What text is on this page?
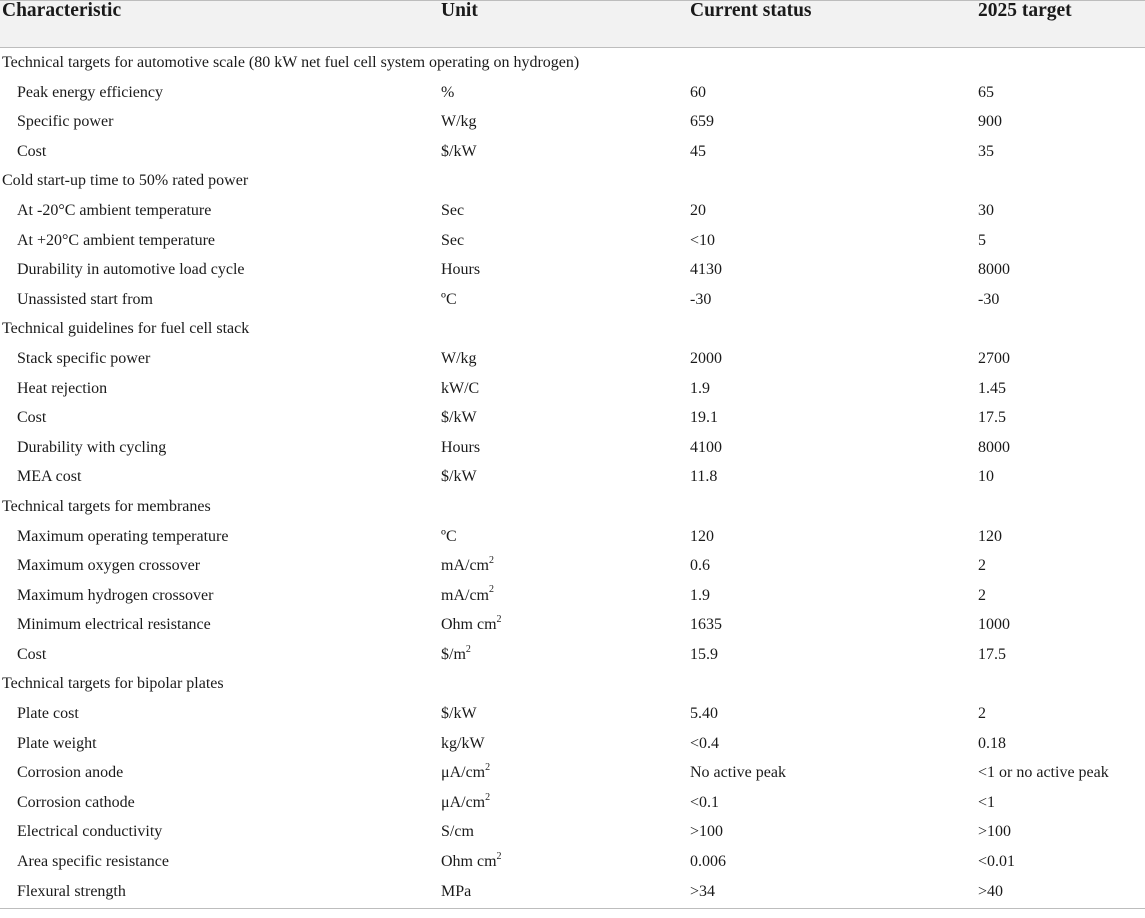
Characteristic	Unit	Current status	2025 target
Technical targets for automotive scale (80 kW net fuel cell system operating on hydrogen)
Peak energy efficiency	%	60	65
Specific power	W/kg	659	900
Cost	$/kW	45	35
Cold start-up time to 50% rated power
At -20°C ambient temperature	Sec	20	30
At +20°C ambient temperature	Sec	<10	5
Durability in automotive load cycle	Hours	4130	8000
Unassisted start from	ºC	-30	-30
Technical guidelines for fuel cell stack
Stack specific power	W/kg	2000	2700
Heat rejection	kW/C	1.9	1.45
Cost	$/kW	19.1	17.5
Durability with cycling	Hours	4100	8000
MEA cost	$/kW	11.8	10
Technical targets for membranes
Maximum operating temperature	ºC	120	120
Maximum oxygen crossover	$mA/cm^2$	0.6	2
Maximum hydrogen crossover	$mA/cm^2$	1.9	2
Minimum electrical resistance	Ohm $cm^2$	1635	1000
Cost	$\$/m^2$	15.9	17.5
Technical targets for bipolar plates
Plate cost	$/kW	5.40	2
Plate weight	kg/kW	<0.4	0.18
Corrosion anode	$\mu A/cm^2$	No active peak	<1 or no active peak
Corrosion cathode	$\mu A/cm^2$	<0.1	<1
Electrical conductivity	S/cm	>100	>100
Area specific resistance	Ohm $cm^2$	0.006	<0.01
Flexural strength	MPa	>34	>40
